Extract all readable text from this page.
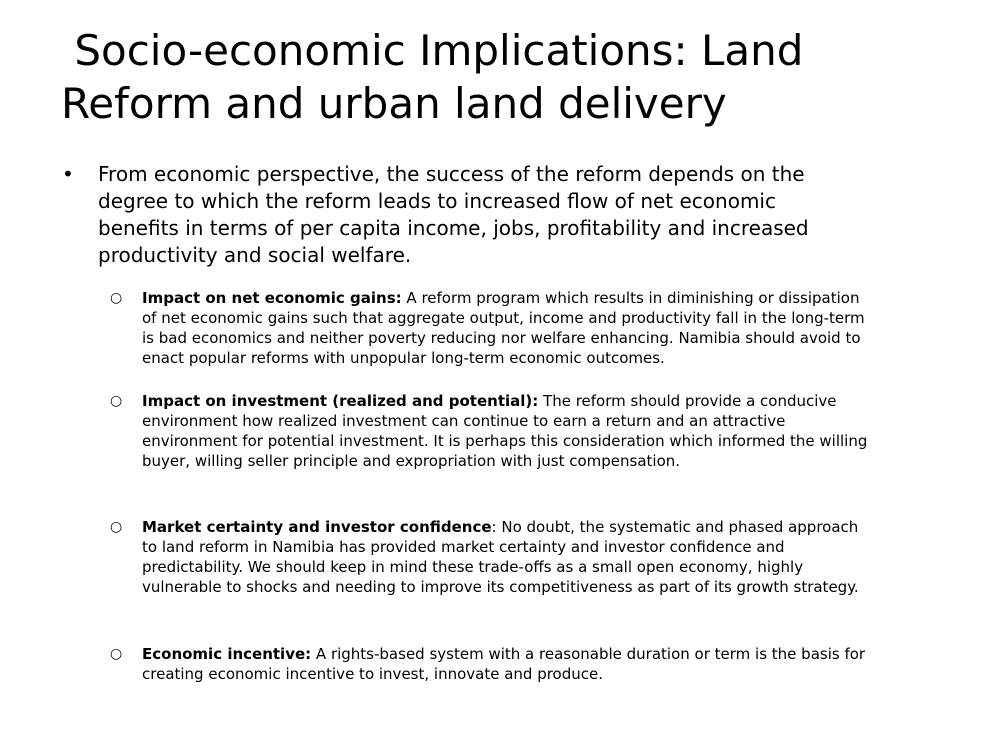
Socio-economic Implications: Land Reform and urban land delivery
•	From economic perspective, the success of the reform depends on the degree to which the reform leads to increased flow of net economic benefits in terms of per capita income, jobs, profitability and increased productivity and social welfare.
○	Impact on net economic gains: A reform program which results in diminishing or dissipation of net economic gains such that aggregate output, income and productivity fall in the long-term is bad economics and neither poverty reducing nor welfare enhancing. Namibia should avoid to enact popular reforms with unpopular long-term economic outcomes.
○	Impact on investment (realized and potential): The reform should provide a conducive environment how realized investment can continue to earn a return and an attractive environment for potential investment. It is perhaps this consideration which informed the willing buyer, willing seller principle and expropriation with just compensation.
○	Market certainty and investor confidence: No doubt, the systematic and phased approach to land reform in Namibia has provided market certainty and investor confidence and predictability. We should keep in mind these trade-offs as a small open economy, highly vulnerable to shocks and needing to improve its competitiveness as part of its growth strategy.
○	Economic incentive: A rights-based system with a reasonable duration or term is the basis for creating economic incentive to invest, innovate and produce.
